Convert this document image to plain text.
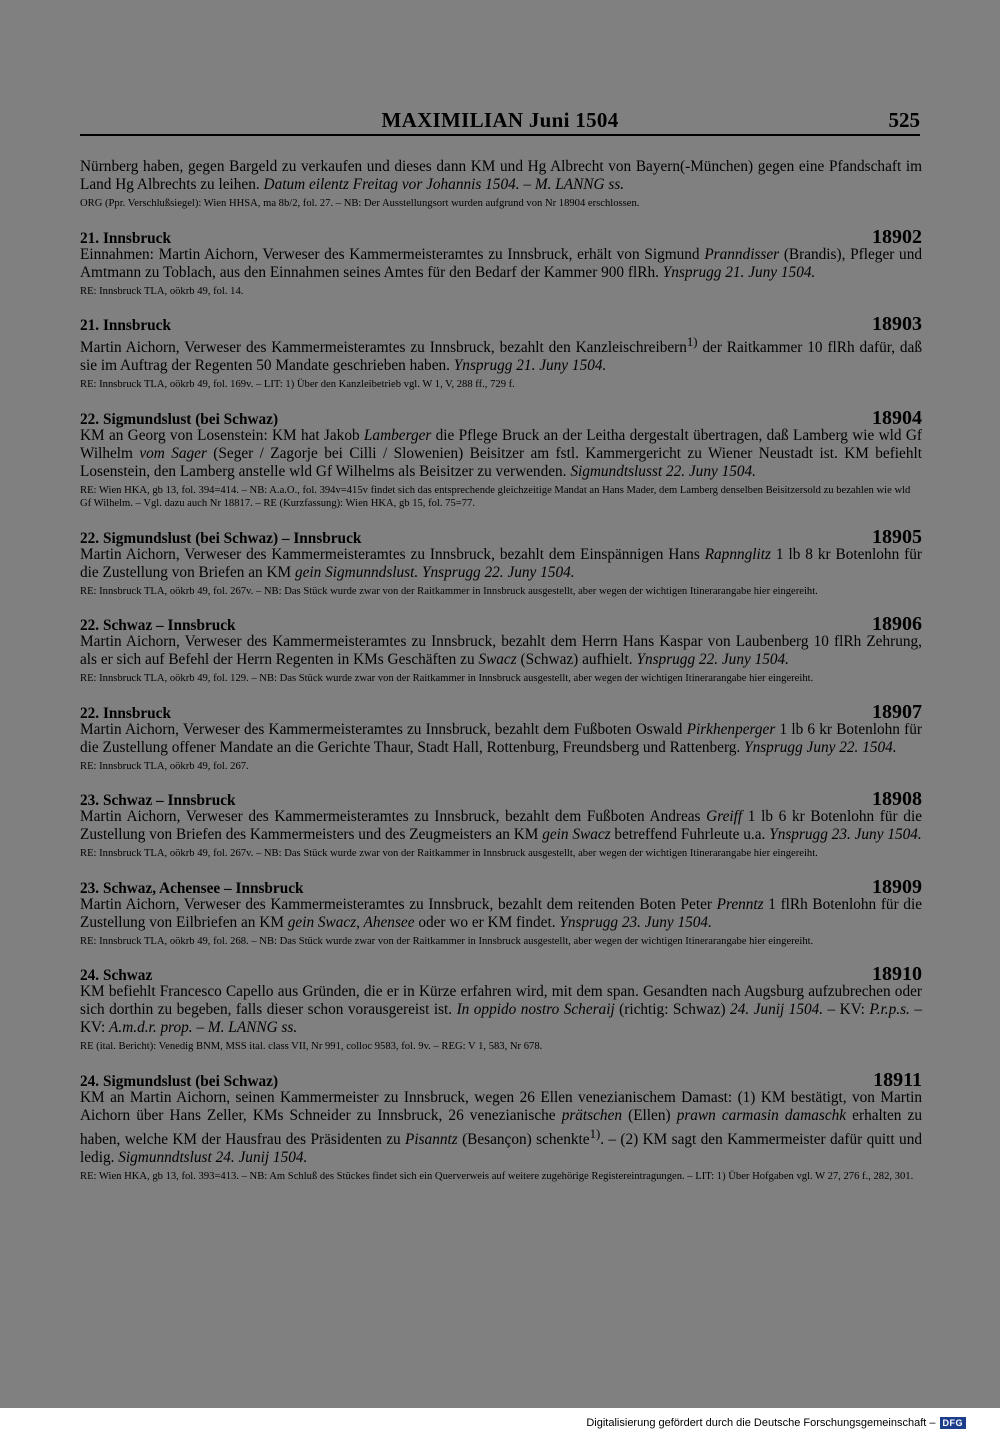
MAXIMILIAN Juni 1504	525
Nürnberg haben, gegen Bargeld zu verkaufen und dieses dann KM und Hg Albrecht von Bayern(-München) gegen eine Pfandschaft im Land Hg Albrechts zu leihen. Datum eilentz Freitag vor Johannis 1504. – M. LANNG ss.
ORG (Ppr. Verschlußsiegel): Wien HHSA, ma 8b/2, fol. 27. – NB: Der Ausstellungsort wurden aufgrund von Nr 18904 erschlossen.
21. Innsbruck	18902
Einnahmen: Martin Aichorn, Verweser des Kammermeisteramtes zu Innsbruck, erhält von Sigmund Pranndisser (Brandis), Pfleger und Amtmann zu Toblach, aus den Einnahmen seines Amtes für den Bedarf der Kammer 900 flRh. Ynsprugg 21. Juny 1504.
RE: Innsbruck TLA, oökrb 49, fol. 14.
21. Innsbruck	18903
Martin Aichorn, Verweser des Kammermeisteramtes zu Innsbruck, bezahlt den Kanzleischreibern$^{1)}$ der Raitkammer 10 flRh dafür, daß sie im Auftrag der Regenten 50 Mandate geschrieben haben. Ynsprugg 21. Juny 1504.
RE: Innsbruck TLA, oökrb 49, fol. 169v. – LIT: 1) Über den Kanzleibetrieb vgl. W 1, V, 288 ff., 729 f.
22. Sigmundslust (bei Schwaz)	18904
KM an Georg von Losenstein: KM hat Jakob Lamberger die Pflege Bruck an der Leitha dergestalt übertragen, daß Lamberg wie wld Gf Wilhelm vom Sager (Seger / Zagorje bei Cilli / Slowenien) Beisitzer am fstl. Kammergericht zu Wiener Neustadt ist. KM befiehlt Losenstein, den Lamberg anstelle wld Gf Wilhelms als Beisitzer zu verwenden. Sigmundtslusst 22. Juny 1504.
RE: Wien HKA, gb 13, fol. 394=414. – NB: A.a.O., fol. 394v=415v findet sich das entsprechende gleichzeitige Mandat an Hans Mader, dem Lamberg denselben Beisitzersold zu bezahlen wie wld Gf Wilhelm. – Vgl. dazu auch Nr 18817. – RE (Kurzfassung): Wien HKA, gb 15, fol. 75=77.
22. Sigmundslust (bei Schwaz) – Innsbruck	18905
Martin Aichorn, Verweser des Kammermeisteramtes zu Innsbruck, bezahlt dem Einspännigen Hans Rapnnglitz 1 lb 8 kr Botenlohn für die Zustellung von Briefen an KM gein Sigmunndslust. Ynsprugg 22. Juny 1504.
RE: Innsbruck TLA, oökrb 49, fol. 267v. – NB: Das Stück wurde zwar von der Raitkammer in Innsbruck ausgestellt, aber wegen der wichtigen Itinerarangabe hier eingereiht.
22. Schwaz – Innsbruck	18906
Martin Aichorn, Verweser des Kammermeisteramtes zu Innsbruck, bezahlt dem Herrn Hans Kaspar von Laubenberg 10 flRh Zehrung, als er sich auf Befehl der Herrn Regenten in KMs Geschäften zu Swacz (Schwaz) aufhielt. Ynsprugg 22. Juny 1504.
RE: Innsbruck TLA, oökrb 49, fol. 129. – NB: Das Stück wurde zwar von der Raitkammer in Innsbruck ausgestellt, aber wegen der wichtigen Itinerarangabe hier eingereiht.
22. Innsbruck	18907
Martin Aichorn, Verweser des Kammermeisteramtes zu Innsbruck, bezahlt dem Fußboten Oswald Pirkhenperger 1 lb 6 kr Botenlohn für die Zustellung offener Mandate an die Gerichte Thaur, Stadt Hall, Rottenburg, Freundsberg und Rattenberg. Ynsprugg Juny 22. 1504.
RE: Innsbruck TLA, oökrb 49, fol. 267.
23. Schwaz – Innsbruck	18908
Martin Aichorn, Verweser des Kammermeisteramtes zu Innsbruck, bezahlt dem Fußboten Andreas Greiff 1 lb 6 kr Botenlohn für die Zustellung von Briefen des Kammermeisters und des Zeugmeisters an KM gein Swacz betreffend Fuhrleute u.a. Ynsprugg 23. Juny 1504.
RE: Innsbruck TLA, oökrb 49, fol. 267v. – NB: Das Stück wurde zwar von der Raitkammer in Innsbruck ausgestellt, aber wegen der wichtigen Itinerarangabe hier eingereiht.
23. Schwaz, Achensee – Innsbruck	18909
Martin Aichorn, Verweser des Kammermeisteramtes zu Innsbruck, bezahlt dem reitenden Boten Peter Prenntz 1 flRh Botenlohn für die Zustellung von Eilbriefen an KM gein Swacz, Ahensee oder wo er KM findet. Ynsprugg 23. Juny 1504.
RE: Innsbruck TLA, oökrb 49, fol. 268. – NB: Das Stück wurde zwar von der Raitkammer in Innsbruck ausgestellt, aber wegen der wichtigen Itinerarangabe hier eingereiht.
24. Schwaz	18910
KM befiehlt Francesco Capello aus Gründen, die er in Kürze erfahren wird, mit dem span. Gesandten nach Augsburg aufzubrechen oder sich dorthin zu begeben, falls dieser schon vorausgereist ist. In oppido nostro Scheraij (richtig: Schwaz) 24. Junij 1504. – KV: P.r.p.s. – KV: A.m.d.r. prop. – M. LANNG ss.
RE (ital. Bericht): Venedig BNM, MSS ital. class VII, Nr 991, colloc 9583, fol. 9v. – REG: V 1, 583, Nr 678.
24. Sigmundslust (bei Schwaz)	18911
KM an Martin Aichorn, seinen Kammermeister zu Innsbruck, wegen 26 Ellen venezianischem Damast: (1) KM bestätigt, von Martin Aichorn über Hans Zeller, KMs Schneider zu Innsbruck, 26 venezianische prätschen (Ellen) prawn carmasin damaschk erhalten zu haben, welche KM der Hausfrau des Präsidenten zu Pisanntz (Besançon) schenkte$^{1)}$. – (2) KM sagt den Kammermeister dafür quitt und ledig. Sigmunndtslust 24. Junij 1504.
RE: Wien HKA, gb 13, fol. 393=413. – NB: Am Schluß des Stückes findet sich ein Querverweis auf weitere zugehörige Registereintragungen. – LIT: 1) Über Hofgaben vgl. W 27, 276 f., 282, 301.
Digitalisierung gefördert durch die Deutsche Forschungsgemeinschaft – DFG
